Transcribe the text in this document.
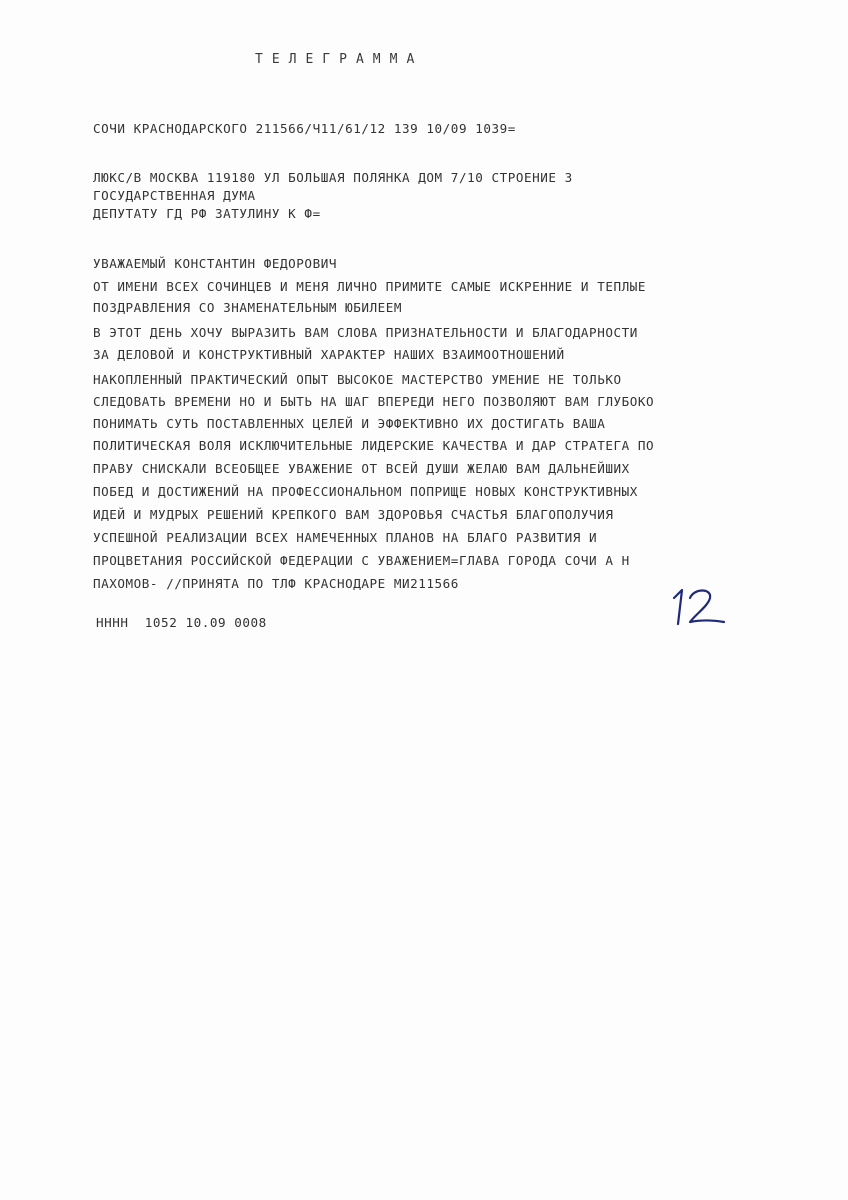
ТЕЛЕГРАММА
СОЧИ КРАСНОДАРСКОГО 211566/Ч11/61/12 139 10/09 1039=
ЛЮКС/В МОСКВА 119180 УЛ БОЛЬШАЯ ПОЛЯНКА ДОМ 7/10 СТРОЕНИЕ 3
ГОСУДАРСТВЕННАЯ ДУМА
ДЕПУТАТУ ГД РФ ЗАТУЛИНУ К Ф=
УВАЖАЕМЫЙ КОНСТАНТИН ФЕДОРОВИЧ
ОТ ИМЕНИ ВСЕХ СОЧИНЦЕВ И МЕНЯ ЛИЧНО ПРИМИТЕ САМЫЕ ИСКРЕННИЕ И ТЕПЛЫЕ
ПОЗДРАВЛЕНИЯ СО ЗНАМЕНАТЕЛЬНЫМ ЮБИЛЕЕМ
В ЭТОТ ДЕНЬ ХОЧУ ВЫРАЗИТЬ ВАМ СЛОВА ПРИЗНАТЕЛЬНОСТИ И БЛАГОДАРНОСТИ
ЗА ДЕЛОВОЙ И КОНСТРУКТИВНЫЙ ХАРАКТЕР НАШИХ ВЗАИМООТНОШЕНИЙ
НАКОПЛЕННЫЙ ПРАКТИЧЕСКИЙ ОПЫТ ВЫСОКОЕ МАСТЕРСТВО УМЕНИЕ НЕ ТОЛЬКО
СЛЕДОВАТЬ ВРЕМЕНИ НО И БЫТЬ НА ШАГ ВПЕРЕДИ НЕГО ПОЗВОЛЯЮТ ВАМ ГЛУБОКО
ПОНИМАТЬ СУТЬ ПОСТАВЛЕННЫХ ЦЕЛЕЙ И ЭФФЕКТИВНО ИХ ДОСТИГАТЬ ВАША
ПОЛИТИЧЕСКАЯ ВОЛЯ ИСКЛЮЧИТЕЛЬНЫЕ ЛИДЕРСКИЕ КАЧЕСТВА И ДАР СТРАТЕГА ПО
ПРАВУ СНИСКАЛИ ВСЕОБЩЕЕ УВАЖЕНИЕ ОТ ВСЕЙ ДУШИ ЖЕЛАЮ ВАМ ДАЛЬНЕЙШИХ
ПОБЕД И ДОСТИЖЕНИЙ НА ПРОФЕССИОНАЛЬНОМ ПОПРИЩЕ НОВЫХ КОНСТРУКТИВНЫХ
ИДЕЙ И МУДРЫХ РЕШЕНИЙ КРЕПКОГО ВАМ ЗДОРОВЬЯ СЧАСТЬЯ БЛАГОПОЛУЧИЯ
УСПЕШНОЙ РЕАЛИЗАЦИИ ВСЕХ НАМЕЧЕННЫХ ПЛАНОВ НА БЛАГО РАЗВИТИЯ И
ПРОЦВЕТАНИЯ РОССИЙСКОЙ ФЕДЕРАЦИИ С УВАЖЕНИЕМ=ГЛАВА ГОРОДА СОЧИ А Н
ПАХОМОВ- //ПРИНЯТА ПО ТЛФ КРАСНОДАРЕ МИ211566
НННН  1052 10.09 0008
